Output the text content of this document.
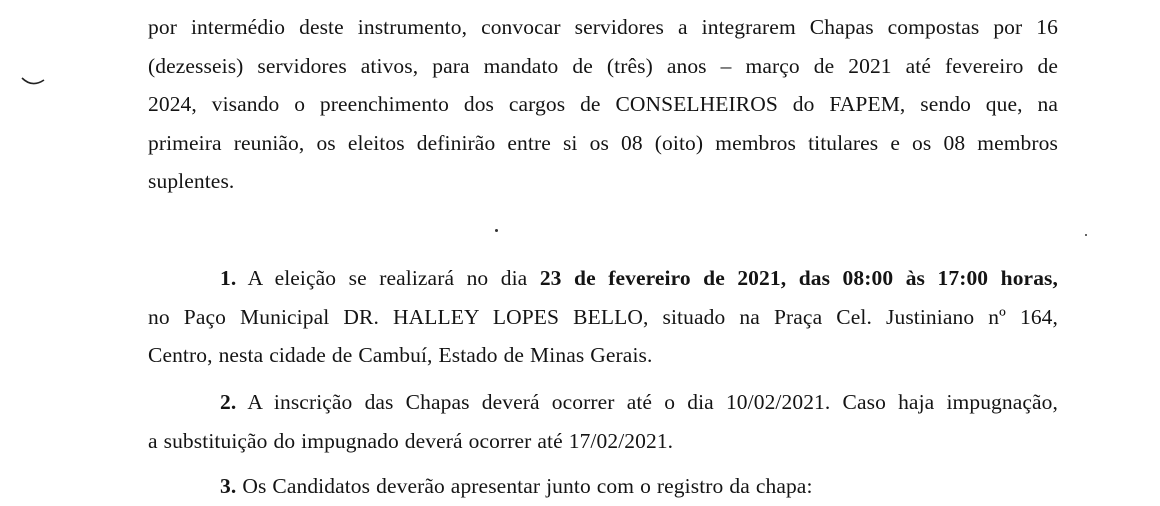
por intermédio deste instrumento, convocar servidores a integrarem Chapas compostas por 16
(dezesseis) servidores ativos, para mandato de (três) anos – março de 2021 até fevereiro de
2024, visando o preenchimento dos cargos de CONSELHEIROS do FAPEM, sendo que, na
primeira reunião, os eleitos definirão entre si os 08 (oito) membros titulares e os 08 membros
suplentes.
1. A eleição se realizará no dia 23 de fevereiro de 2021, das 08:00 às 17:00 horas,
no Paço Municipal DR. HALLEY LOPES BELLO, situado na Praça Cel. Justiniano nº 164,
Centro, nesta cidade de Cambuí, Estado de Minas Gerais.
2. A inscrição das Chapas deverá ocorrer até o dia 10/02/2021. Caso haja impugnação,
a substituição do impugnado deverá ocorrer até 17/02/2021.
3. Os Candidatos deverão apresentar junto com o registro da chapa:
